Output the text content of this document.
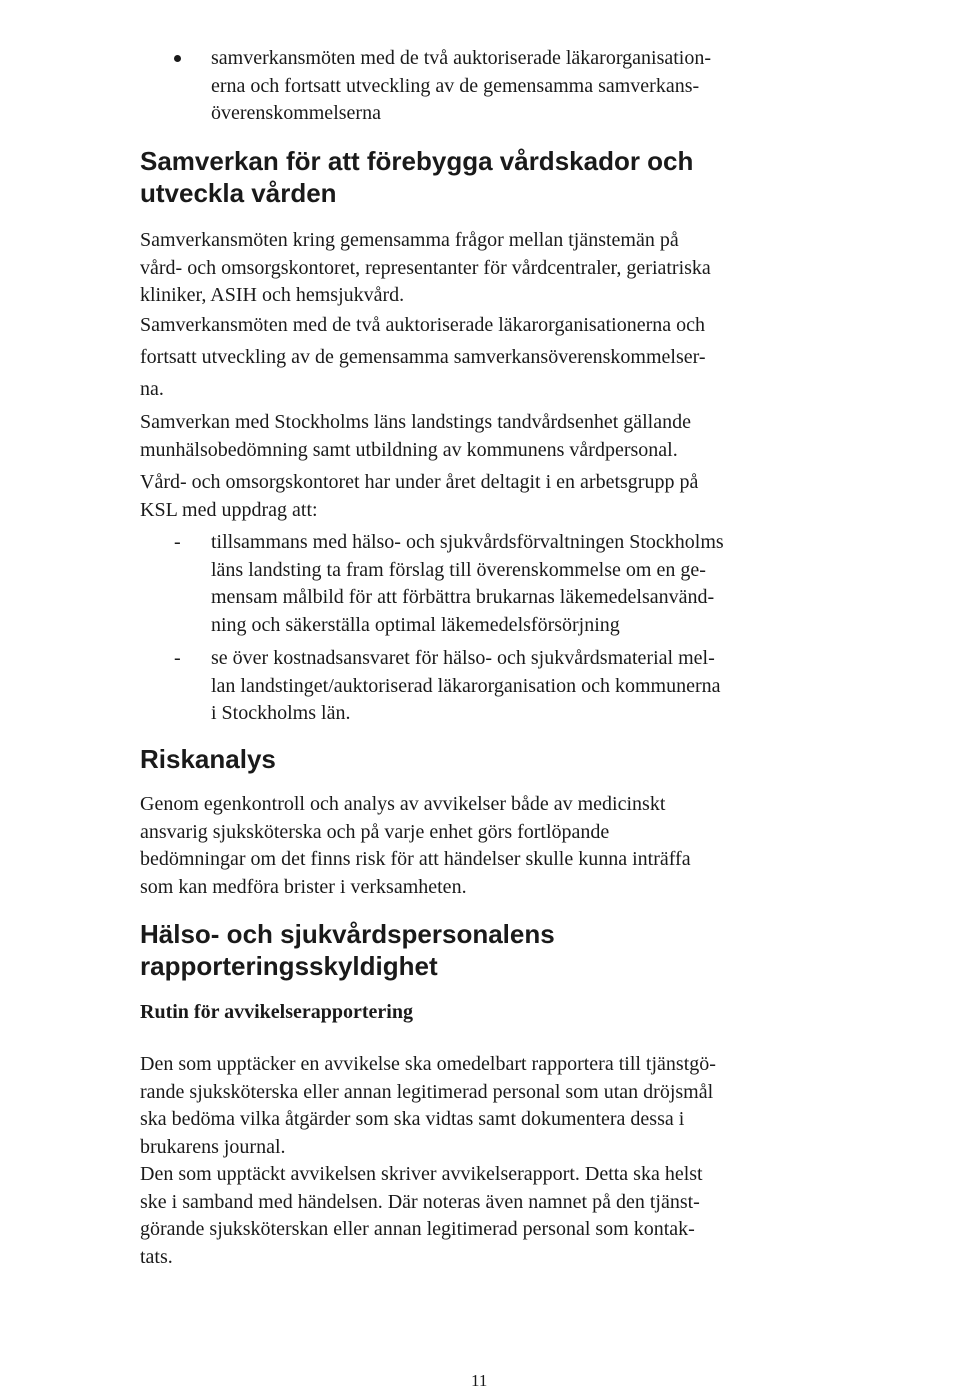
samverkansmöten med de två auktoriserade läkarorganisation-
erna och fortsatt utveckling av de gemensamma samverkans-
överenskommelserna
Samverkan för att förebygga vårdskador och
utveckla vården
Samverkansmöten kring gemensamma frågor mellan tjänstemän på
vård- och omsorgskontoret, representanter för vårdcentraler, geriatriska
kliniker, ASIH och hemsjukvård.
Samverkansmöten med de två auktoriserade läkarorganisationerna och
fortsatt utveckling av de gemensamma samverkansöverenskommelser-
na.
Samverkan med Stockholms läns landstings tandvårdsenhet gällande
munhälsobedömning samt utbildning av kommunens vårdpersonal.
Vård- och omsorgskontoret har under året deltagit i en arbetsgrupp på
KSL med uppdrag att:
- tillsammans med hälso- och sjukvårdsförvaltningen Stockholms
läns landsting ta fram förslag till överenskommelse om en ge-
mensam målbild för att förbättra brukarnas läkemedelsanvänd-
ning och säkerställa optimal läkemedelsförsörjning
- se över kostnadsansvaret för hälso- och sjukvårdsmaterial mel-
lan landstinget/auktoriserad läkarorganisation och kommunerna
i Stockholms län.
Riskanalys
Genom egenkontroll och analys av avvikelser både av medicinskt
ansvarig sjuksköterska och på varje enhet görs fortlöpande
bedömningar om det finns risk för att händelser skulle kunna inträffa
som kan medföra brister i verksamheten.
Hälso- och sjukvårdspersonalens
rapporteringsskyldighet
Rutin för avvikelserapportering
Den som upptäcker en avvikelse ska omedelbart rapportera till tjänstgö-
rande sjuksköterska eller annan legitimerad personal som utan dröjsmål
ska bedöma vilka åtgärder som ska vidtas samt dokumentera dessa i
brukarens journal.
Den som upptäckt avvikelsen skriver avvikelserapport. Detta ska helst
ske i samband med händelsen. Där noteras även namnet på den tjänst-
görande sjuksköterskan eller annan legitimerad personal som kontak-
tats.
11
